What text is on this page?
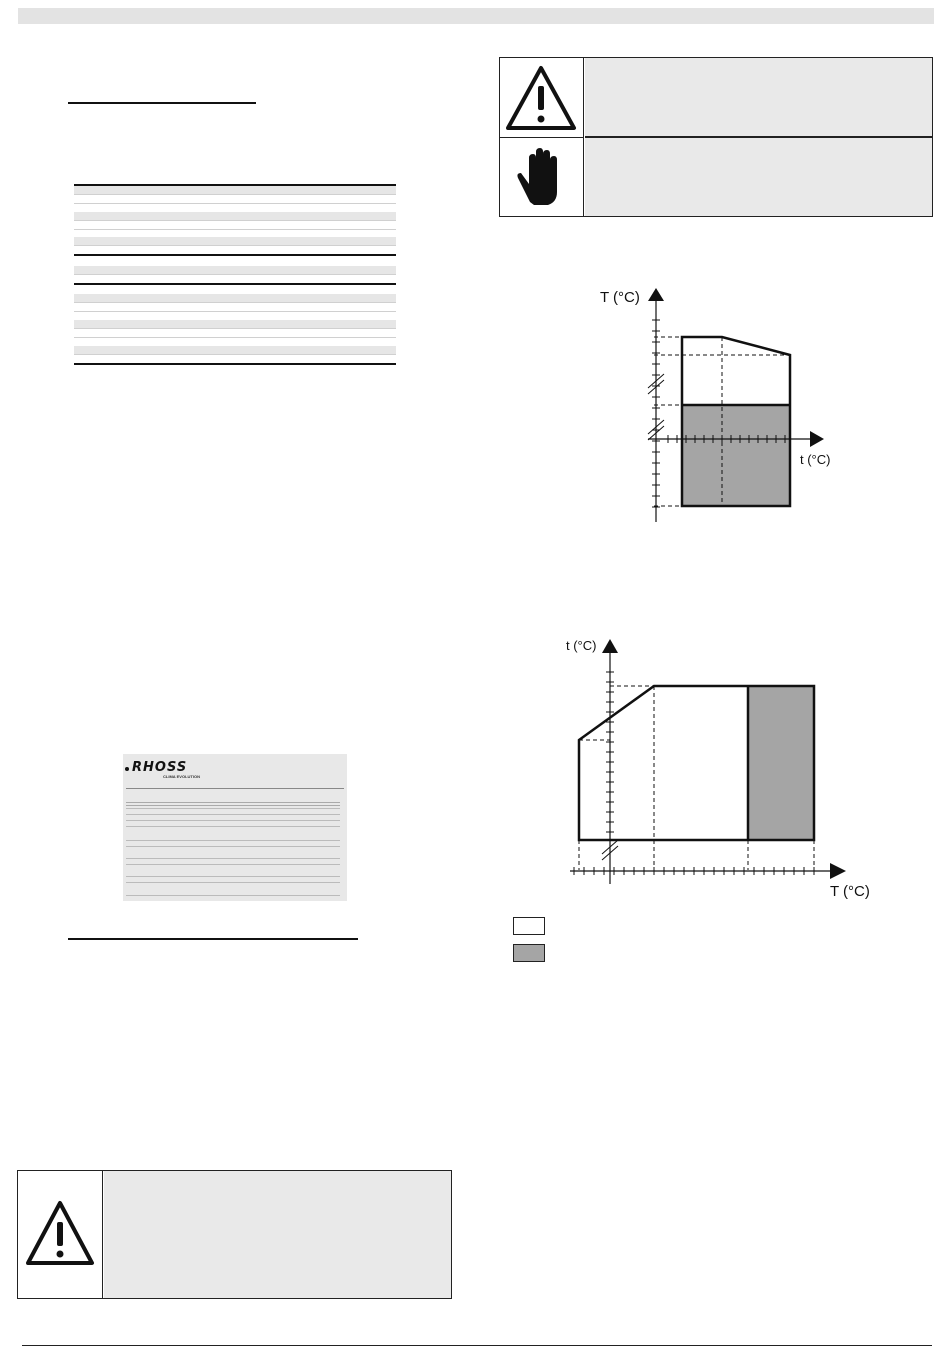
RHOSS
CLIMA EVOLUTION
T (°C)
t (°C)
t (°C)
T (°C)
